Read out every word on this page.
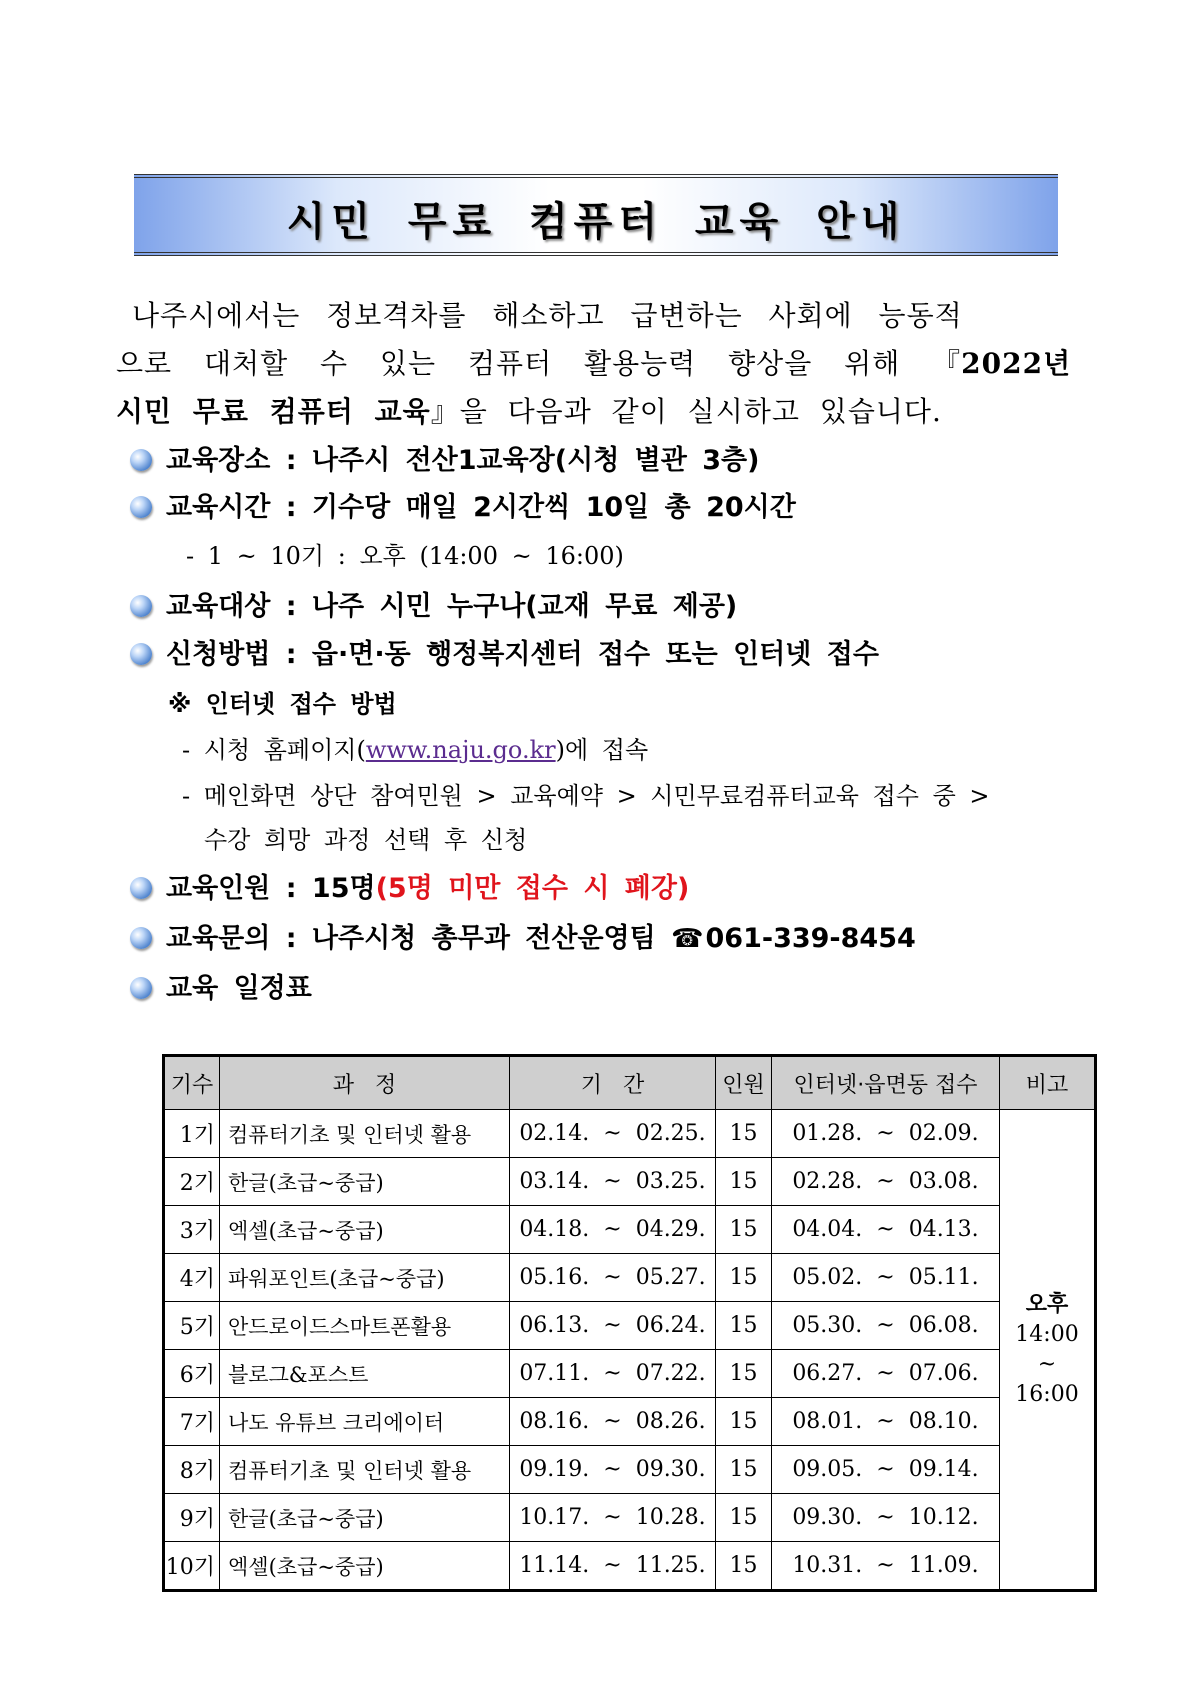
시민 무료 컴퓨터 교육 안내
나주시에서는 정보격차를 해소하고 급변하는 사회에 능동적
으로 대처할 수 있는 컴퓨터 활용능력 향상을 위해 『2022년
시민 무료 컴퓨터 교육』을 다음과 같이 실시하고 있습니다.
교육장소 : 나주시 전산1교육장(시청 별관 3층)
교육시간 : 기수당 매일 2시간씩 10일 총 20시간
- 1 ~ 10기 : 오후 (14:00 ~ 16:00)
교육대상 : 나주 시민 누구나(교재 무료 제공)
신청방법 : 읍·면·동 행정복지센터 접수 또는 인터넷 접수
※ 인터넷 접수 방법
- 시청 홈페이지(www.naju.go.kr)에 접속
- 메인화면 상단 참여민원 > 교육예약 > 시민무료컴퓨터교육 접수 중 >
수강 희망 과정 선택 후 신청
교육인원 : 15명(5명 미만 접수 시 폐강)
교육문의 : 나주시청 총무과 전산운영팀 ☎061-339-8454
교육 일정표
기수	과   정	기   간	인원	인터넷·읍면동 접수	비고
1기	컴퓨터기초 및 인터넷 활용	02.14.  ~  02.25.	15	01.28.  ~  02.09.	오후
14:00
~
16:00
2기	한글(초급~중급)	03.14.  ~  03.25.	15	02.28.  ~  03.08.	
3기	엑셀(초급~중급)	04.18.  ~  04.29.	15	04.04.  ~  04.13.	
4기	파워포인트(초급~중급)	05.16.  ~  05.27.	15	05.02.  ~  05.11.	
5기	안드로이드스마트폰활용	06.13.  ~  06.24.	15	05.30.  ~  06.08.	
6기	블로그&포스트	07.11.  ~  07.22.	15	06.27.  ~  07.06.	
7기	나도 유튜브 크리에이터	08.16.  ~  08.26.	15	08.01.  ~  08.10.	
8기	컴퓨터기초 및 인터넷 활용	09.19.  ~  09.30.	15	09.05.  ~  09.14.	
9기	한글(초급~중급)	10.17.  ~  10.28.	15	09.30.  ~  10.12.	
10기	엑셀(초급~중급)	11.14.  ~  11.25.	15	10.31.  ~  11.09.	
